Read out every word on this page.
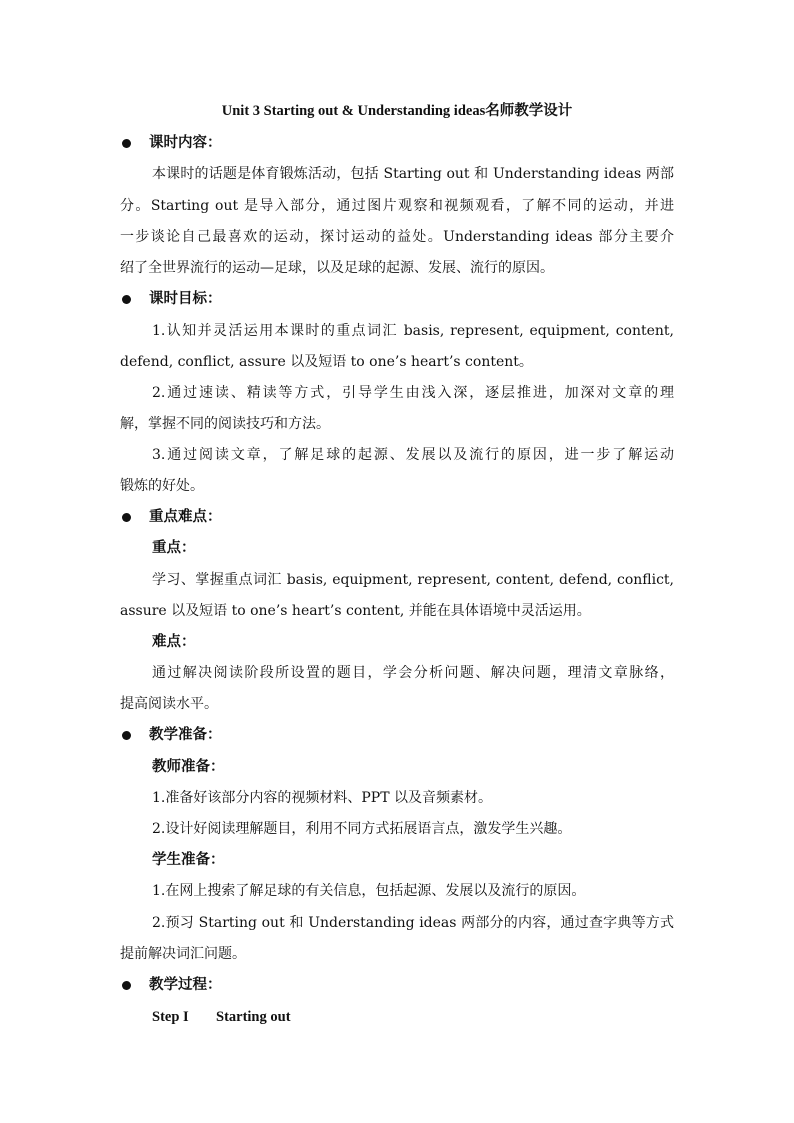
Unit 3 Starting out & Understanding ideas名师教学设计
课时内容：
本课时的话题是体育锻炼活动，包括 Starting out 和 Understanding ideas 两部
分。Starting out 是导入部分，通过图片观察和视频观看，了解不同的运动，并进
一步谈论自己最喜欢的运动，探讨运动的益处。Understanding ideas 部分主要介
绍了全世界流行的运动—足球，以及足球的起源、发展、流行的原因。
课时目标：
1.认知并灵活运用本课时的重点词汇 basis, represent, equipment, content,
defend, conflict, assure 以及短语 to one’s heart’s content。
2.通过速读、精读等方式，引导学生由浅入深，逐层推进，加深对文章的理
解，掌握不同的阅读技巧和方法。
3.通过阅读文章，了解足球的起源、发展以及流行的原因，进一步了解运动
锻炼的好处。
重点难点：
重点：
学习、掌握重点词汇 basis, equipment, represent, content, defend, conflict,
assure 以及短语 to one’s heart’s content, 并能在具体语境中灵活运用。
难点：
通过解决阅读阶段所设置的题目，学会分析问题、解决问题，理清文章脉络，
提高阅读水平。
教学准备：
教师准备：
1.准备好该部分内容的视频材料、PPT 以及音频素材。
2.设计好阅读理解题目，利用不同方式拓展语言点，激发学生兴趣。
学生准备：
1.在网上搜索了解足球的有关信息，包括起源、发展以及流行的原因。
2.预习 Starting out 和 Understanding ideas 两部分的内容，通过查字典等方式
提前解决词汇问题。
教学过程：
Step I Starting out
